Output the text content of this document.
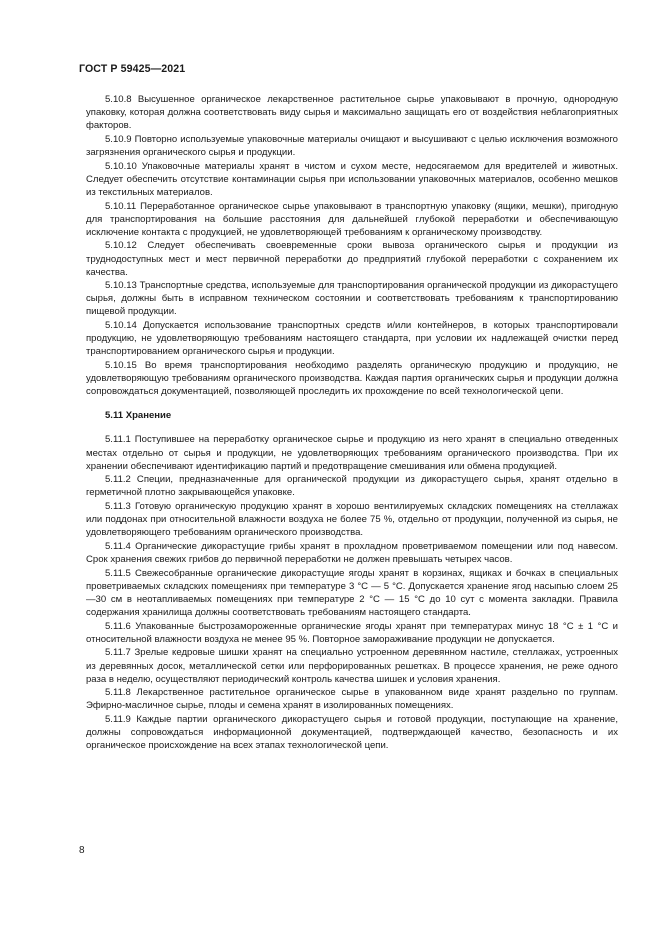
ГОСТ Р 59425—2021

5.10.8 Высушенное органическое лекарственное растительное сырье упаковывают в прочную, однородную упаковку, которая должна соответствовать виду сырья и максимально защищать его от воздействия неблагоприятных факторов.

5.10.9 Повторно используемые упаковочные материалы очищают и высушивают с целью исключения возможного загрязнения органического сырья и продукции.

5.10.10 Упаковочные материалы хранят в чистом и сухом месте, недосягаемом для вредителей и животных. Следует обеспечить отсутствие контаминации сырья при использовании упаковочных материалов, особенно мешков из текстильных материалов.

5.10.11 Переработанное органическое сырье упаковывают в транспортную упаковку (ящики, мешки), пригодную для транспортирования на большие расстояния для дальнейшей глубокой переработки и обеспечивающую исключение контакта с продукцией, не удовлетворяющей требованиям к органическому производству.

5.10.12 Следует обеспечивать своевременные сроки вывоза органического сырья и продукции из труднодоступных мест и мест первичной переработки до предприятий глубокой переработки с сохранением их качества.

5.10.13 Транспортные средства, используемые для транспортирования органической продукции из дикорастущего сырья, должны быть в исправном техническом состоянии и соответствовать требованиям к транспортированию пищевой продукции.

5.10.14 Допускается использование транспортных средств и/или контейнеров, в которых транспортировали продукцию, не удовлетворяющую требованиям настоящего стандарта, при условии их надлежащей очистки перед транспортированием органического сырья и продукции.

5.10.15 Во время транспортирования необходимо разделять органическую продукцию и продукцию, не удовлетворяющую требованиям органического производства. Каждая партия органических сырья и продукции должна сопровождаться документацией, позволяющей проследить их прохождение по всей технологической цепи.

5.11 Хранение

5.11.1 Поступившее на переработку органическое сырье и продукцию из него хранят в специально отведенных местах отдельно от сырья и продукции, не удовлетворяющих требованиям органического производства. При их хранении обеспечивают идентификацию партий и предотвращение смешивания или обмена продукцией.

5.11.2 Специи, предназначенные для органической продукции из дикорастущего сырья, хранят отдельно в герметичной плотно закрывающейся упаковке.

5.11.3 Готовую органическую продукцию хранят в хорошо вентилируемых складских помещениях на стеллажах или поддонах при относительной влажности воздуха не более 75 %, отдельно от продукции, полученной из сырья, не удовлетворяющего требованиям органического производства.

5.11.4 Органические дикорастущие грибы хранят в прохладном проветриваемом помещении или под навесом. Срок хранения свежих грибов до первичной переработки не должен превышать четырех часов.

5.11.5 Свежесобранные органические дикорастущие ягоды хранят в корзинах, ящиках и бочках в специальных проветриваемых складских помещениях при температуре 3 °C — 5 °C. Допускается хранение ягод насыпью слоем 25—30 см в неотапливаемых помещениях при температуре 2 °C — 15 °C до 10 сут с момента закладки. Правила содержания хранилища должны соответствовать требованиям настоящего стандарта.

5.11.6 Упакованные быстрозамороженные органические ягоды хранят при температурах минус 18 °C ± 1 °C и относительной влажности воздуха не менее 95 %. Повторное замораживание продукции не допускается.

5.11.7 Зрелые кедровые шишки хранят на специально устроенном деревянном настиле, стеллажах, устроенных из деревянных досок, металлической сетки или перфорированных решетках. В процессе хранения, не реже одного раза в неделю, осуществляют периодический контроль качества шишек и условия хранения.

5.11.8 Лекарственное растительное органическое сырье в упакованном виде хранят раздельно по группам. Эфирно-масличное сырье, плоды и семена хранят в изолированных помещениях.

5.11.9 Каждые партии органического дикорастущего сырья и готовой продукции, поступающие на хранение, должны сопровождаться информационной документацией, подтверждающей качество, безопасность и их органическое происхождение на всех этапах технологической цепи.

8
